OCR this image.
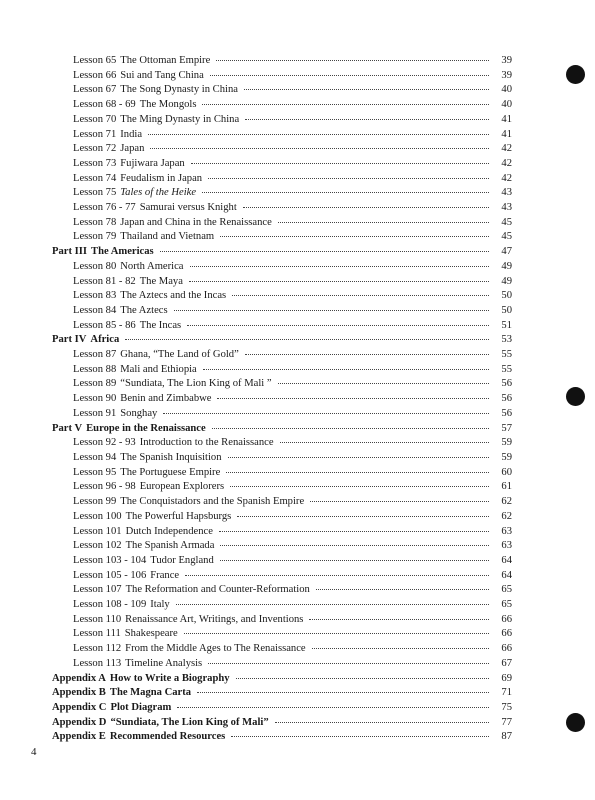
Lesson 65 The Ottoman Empire	39
Lesson 66 Sui and Tang China	39
Lesson 67 The Song Dynasty in China	40
Lesson 68 - 69 The Mongols	40
Lesson 70 The Ming Dynasty in China	41
Lesson 71 India	41
Lesson 72 Japan	42
Lesson 73 Fujiwara Japan	42
Lesson 74 Feudalism in Japan	42
Lesson 75 Tales of the Heike	43
Lesson 76 - 77 Samurai versus Knight	43
Lesson 78 Japan and China in the Renaissance	45
Lesson 79 Thailand and Vietnam	45
Part III The Americas	47
Lesson 80 North America	49
Lesson 81 - 82 The Maya	49
Lesson 83 The Aztecs and the Incas	50
Lesson 84 The Aztecs	50
Lesson 85 - 86 The Incas	51
Part IV Africa	53
Lesson 87 Ghana, “The Land of Gold”	55
Lesson 88 Mali and Ethiopia	55
Lesson 89 “Sundiata, The Lion King of Mali ”	56
Lesson 90 Benin and Zimbabwe	56
Lesson 91 Songhay	56
Part V Europe in the Renaissance	57
Lesson 92 - 93 Introduction to the Renaissance	59
Lesson 94 The Spanish Inquisition	59
Lesson 95 The Portuguese Empire	60
Lesson 96 - 98 European Explorers	61
Lesson 99 The Conquistadors and the Spanish Empire	62
Lesson 100 The Powerful Hapsburgs	62
Lesson 101 Dutch Independence	63
Lesson 102 The Spanish Armada	63
Lesson 103 - 104 Tudor England	64
Lesson 105 - 106 France	64
Lesson 107 The Reformation and Counter-Reformation	65
Lesson 108 - 109 Italy	65
Lesson 110 Renaissance Art, Writings, and Inventions	66
Lesson 111 Shakespeare	66
Lesson 112 From the Middle Ages to The Renaissance	66
Lesson 113 Timeline Analysis	67
Appendix A How to Write a Biography	69
Appendix B The Magna Carta	71
Appendix C Plot Diagram	75
Appendix D “Sundiata, The Lion King of Mali”	77
Appendix E Recommended Resources	87
4
